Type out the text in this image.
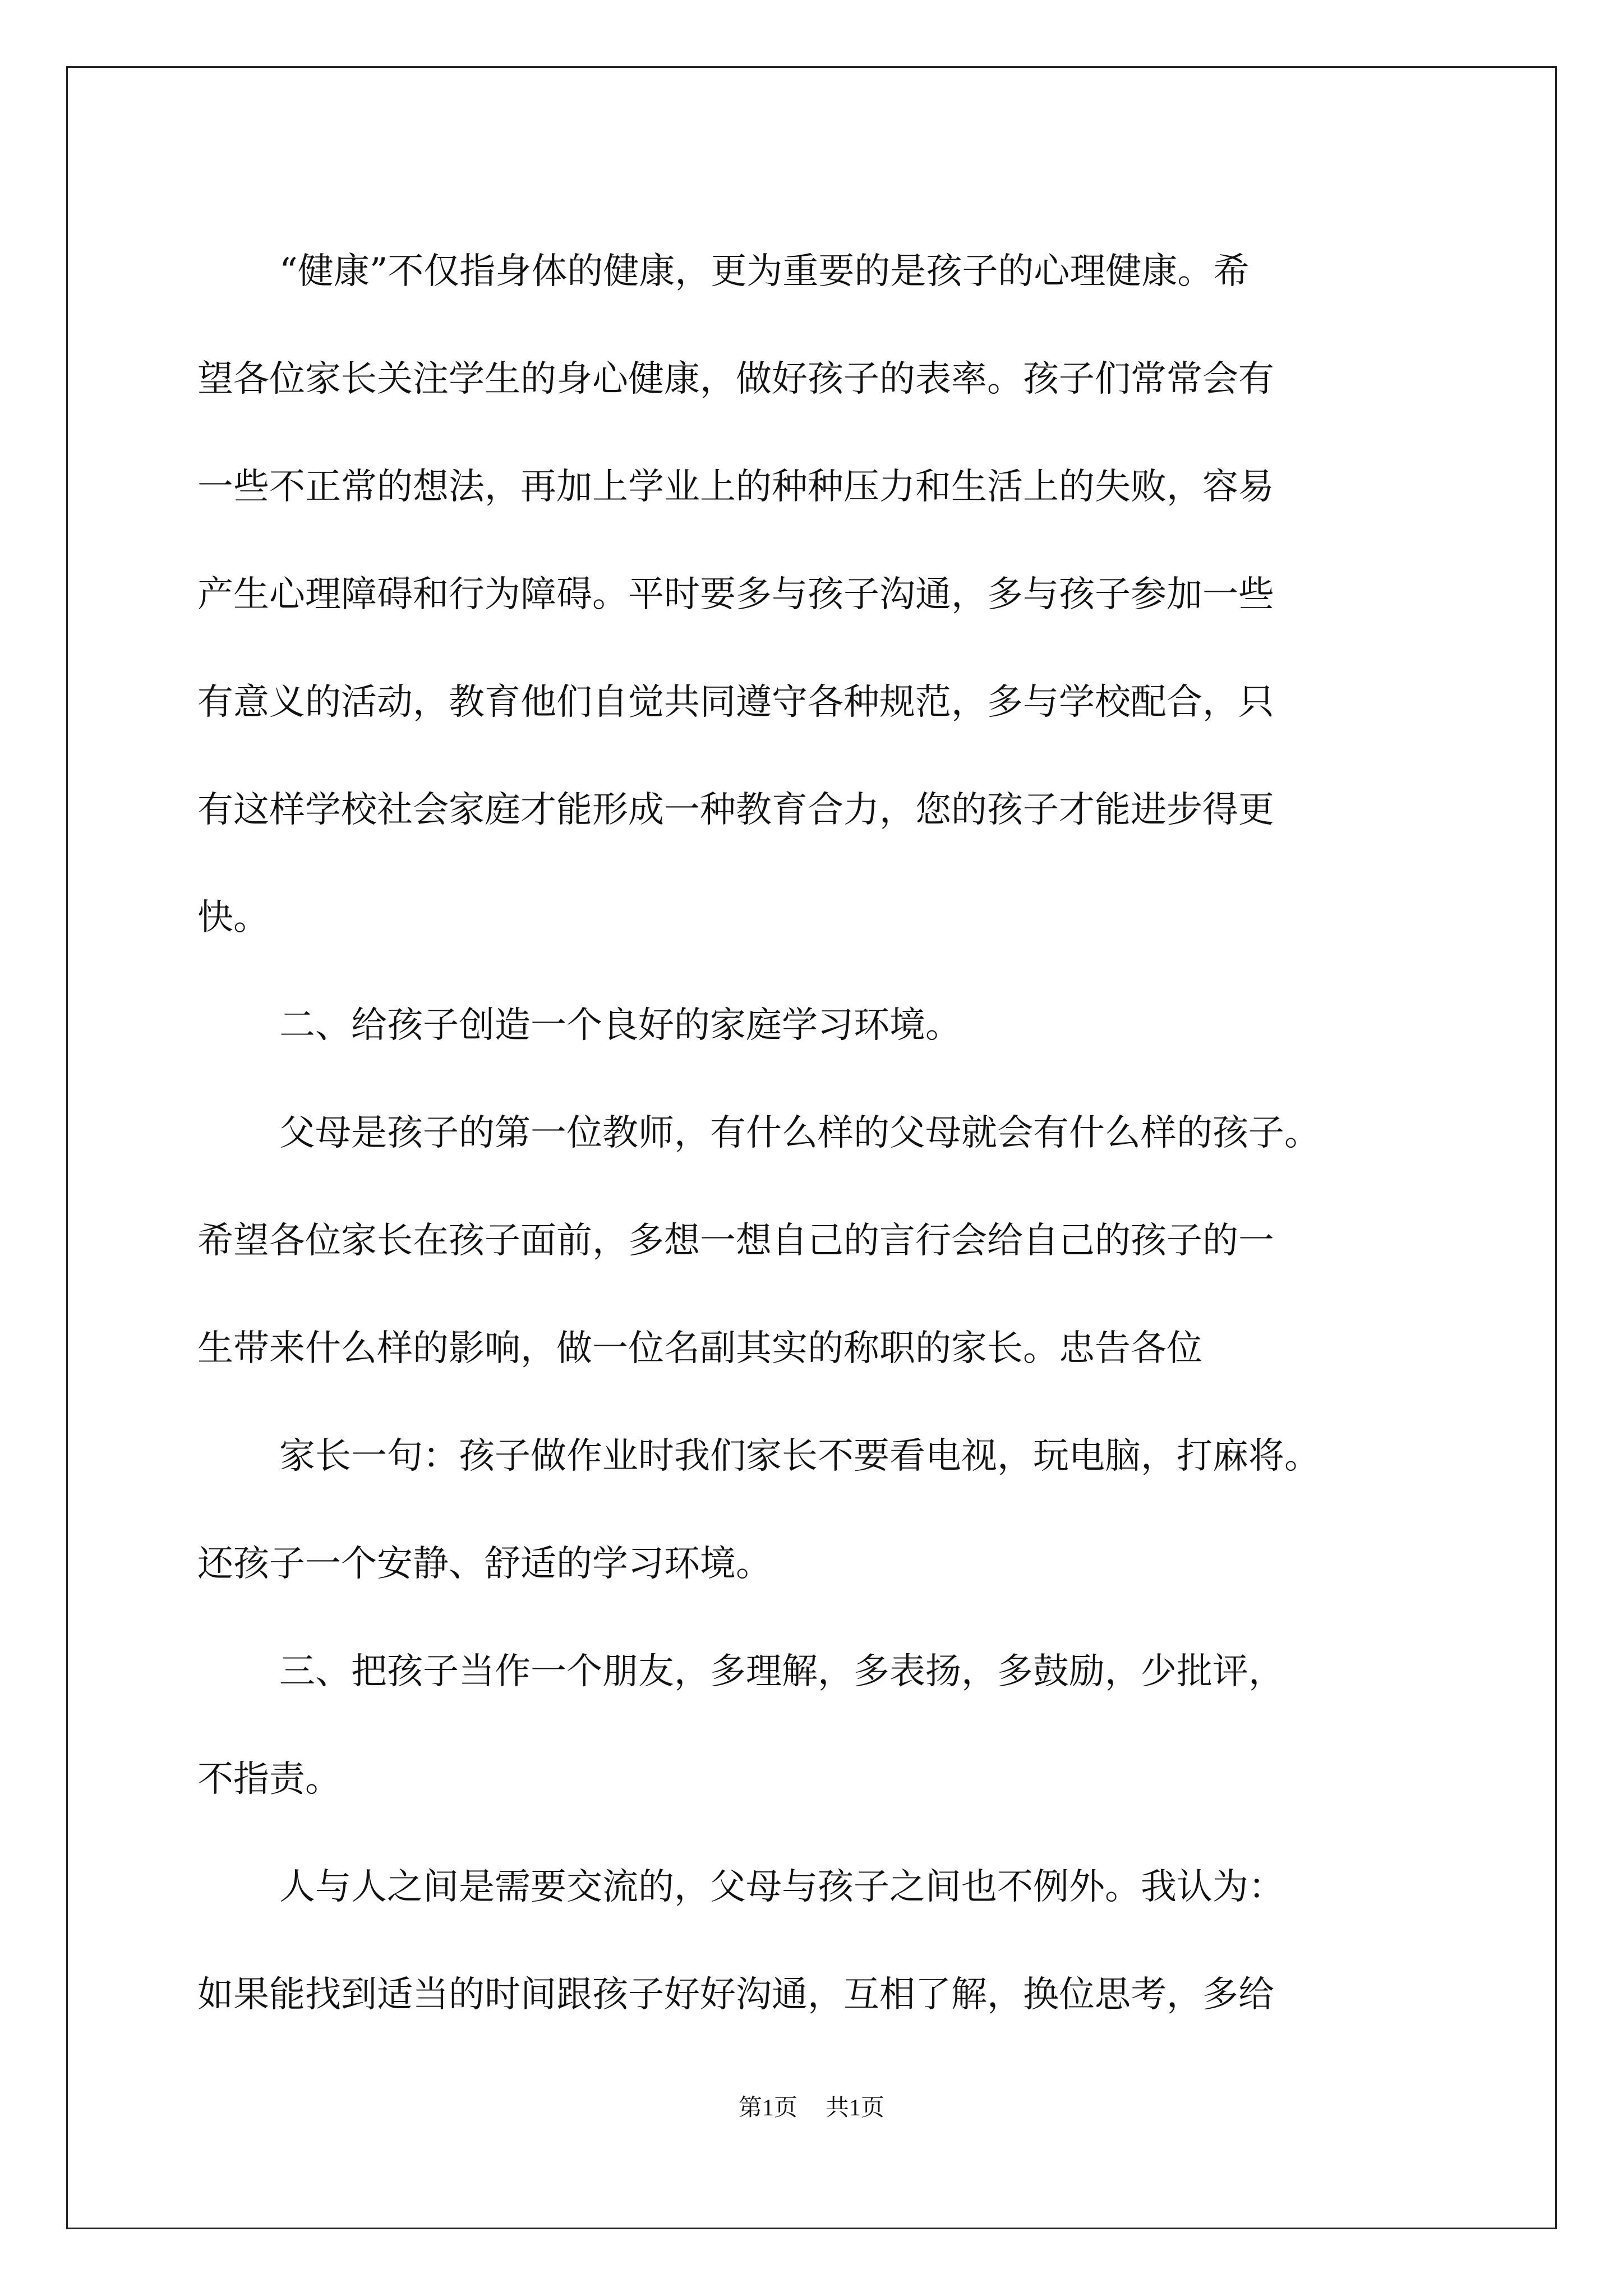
“健康”不仅指身体的健康，更为重要的是孩子的心理健康。希
望各位家长关注学生的身心健康，做好孩子的表率。孩子们常常会有
一些不正常的想法，再加上学业上的种种压力和生活上的失败，容易
产生心理障碍和行为障碍。平时要多与孩子沟通，多与孩子参加一些
有意义的活动，教育他们自觉共同遵守各种规范，多与学校配合，只
有这样学校社会家庭才能形成一种教育合力，您的孩子才能进步得更
快。
二、给孩子创造一个良好的家庭学习环境。
父母是孩子的第一位教师，有什么样的父母就会有什么样的孩子。
希望各位家长在孩子面前，多想一想自己的言行会给自己的孩子的一
生带来什么样的影响，做一位名副其实的称职的家长。忠告各位
家长一句：孩子做作业时我们家长不要看电视，玩电脑，打麻将。
还孩子一个安静、舒适的学习环境。
三、把孩子当作一个朋友，多理解，多表扬，多鼓励，少批评，
不指责。
人与人之间是需要交流的，父母与孩子之间也不例外。我认为：
如果能找到适当的时间跟孩子好好沟通，互相了解，换位思考，多给
第1页 共1页
